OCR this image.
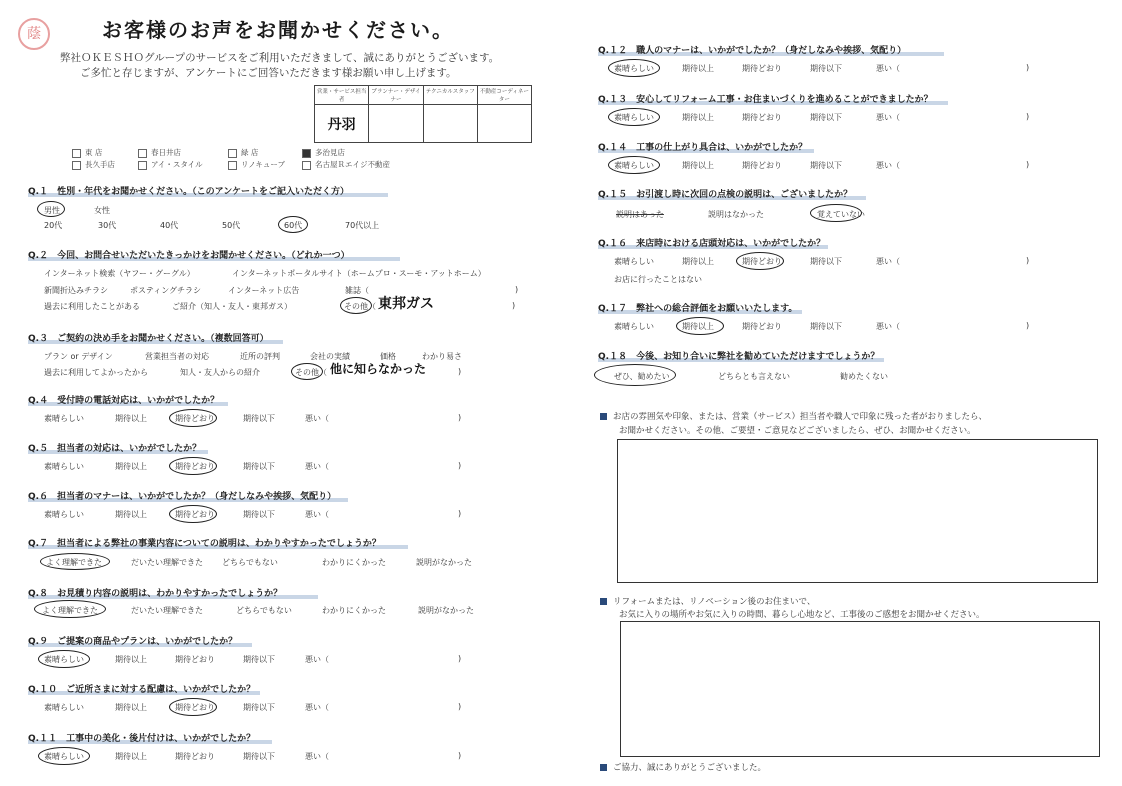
蔭	お客様のお声をお聞かせください。
弊社ＯＫＥＳＨＯグループのサービスをご利用いただきまして、誠にありがとうございます。
ご多忙と存じますが、アンケートにご回答いただきます様お願い申し上げます。
営業・サービス担当者	プランナー・デザイナー	テクニカルスタッフ	不動産コーディネーター
丹羽			
東 店	春日井店	緑 店	多治見店
長久手店	アイ・スタイル	リノキューブ	名古屋Ｒエイジ不動産
Q.１　性別・年代をお聞かせください。（このアンケートをご記入いただく方）
男性	女性
20代	30代	40代	50代	60代	70代以上
Q.２　今回、お問合せいただいたきっかけをお聞かせください。（どれか一つ）
インターネット検索（ヤフー・グーグル）	インターネットポータルサイト（ホームプロ・スーモ・アットホーム）
新聞折込みチラシ	ポスティングチラシ	インターネット広告	雑誌（	)
過去に利用したことがある	ご紹介（知人・友人・東邦ガス）	その他（ 東邦ガス	)
Q.３　ご契約の決め手をお聞かせください。（複数回答可）
プラン or デザイン	営業担当者の対応	近所の評判	会社の実績	価格	わかり易さ
過去に利用してよかったから	知人・友人からの紹介	その他（ 他に知らなかった	)
Q.４　受付時の電話対応は、いかがでしたか？
素晴らしい	期待以上	期待どおり	期待以下	悪い（	)
Q.５　担当者の対応は、いかがでしたか？
素晴らしい	期待以上	期待どおり	期待以下	悪い（	)
Q.６　担当者のマナーは、いかがでしたか？（身だしなみや挨拶、気配り）
素晴らしい	期待以上	期待どおり	期待以下	悪い（	)
Q.９　ご提案の商品やプランは、いかがでしたか？
素晴らしい	期待以上	期待どおり	期待以下	悪い（	)
Q.１０　ご近所さまに対する配慮は、いかがでしたか？
素晴らしい	期待以上	期待どおり	期待以下	悪い（	)
Q.１１　工事中の美化・後片付けは、いかがでしたか？
素晴らしい	期待以上	期待どおり	期待以下	悪い（	)
Q.７　担当者による弊社の事業内容についての説明は、わかりやすかったでしょうか？
よく理解できた	だいたい理解できた どちらでもない	わかりにくかった	説明がなかった
Q.８　お見積り内容の説明は、わかりやすかったでしょうか？
よく理解できた	だいたい理解できた	どちらでもない	わかりにくかった	説明がなかった
Q.１２　職人のマナーは、いかがでしたか？（身だしなみや挨拶、気配り）
素晴らしい	期待以上	期待どおり	期待以下	悪い（	)
Q.１３　安心してリフォーム工事・お住まいづくりを進めることができましたか？
素晴らしい	期待以上	期待どおり	期待以下	悪い（	)
Q.１４　工事の仕上がり具合は、いかがでしたか？
素晴らしい	期待以上	期待どおり	期待以下	悪い（	)
Q.１６　来店時における店頭対応は、いかがでしたか？
素晴らしい	期待以上	期待どおり	期待以下	悪い（	)
Q.１７　弊社への総合評価をお願いいたします。
素晴らしい	期待以上	期待どおり	期待以下	悪い（	)
Q.１５　お引渡し時に次回の点検の説明は、ございましたか？
説明はあった	説明はなかった	覚えていない
お店に行ったことはない
Q.１８　今後、お知り合いに弊社を勧めていただけますでしょうか？
ぜひ、勧めたい	どちらとも言えない	勧めたくない
お店の雰囲気や印象、または、営業（サービス）担当者や職人で印象に残った者がおりましたら、
お聞かせください。その他、ご要望・ご意見などございましたら、ぜひ、お聞かせください。
リフォームまたは、リノベーション後のお住まいで、
お気に入りの場所やお気に入りの時間、暮らし心地など、工事後のご感想をお聞かせください。
ご協力、誠にありがとうございました。
